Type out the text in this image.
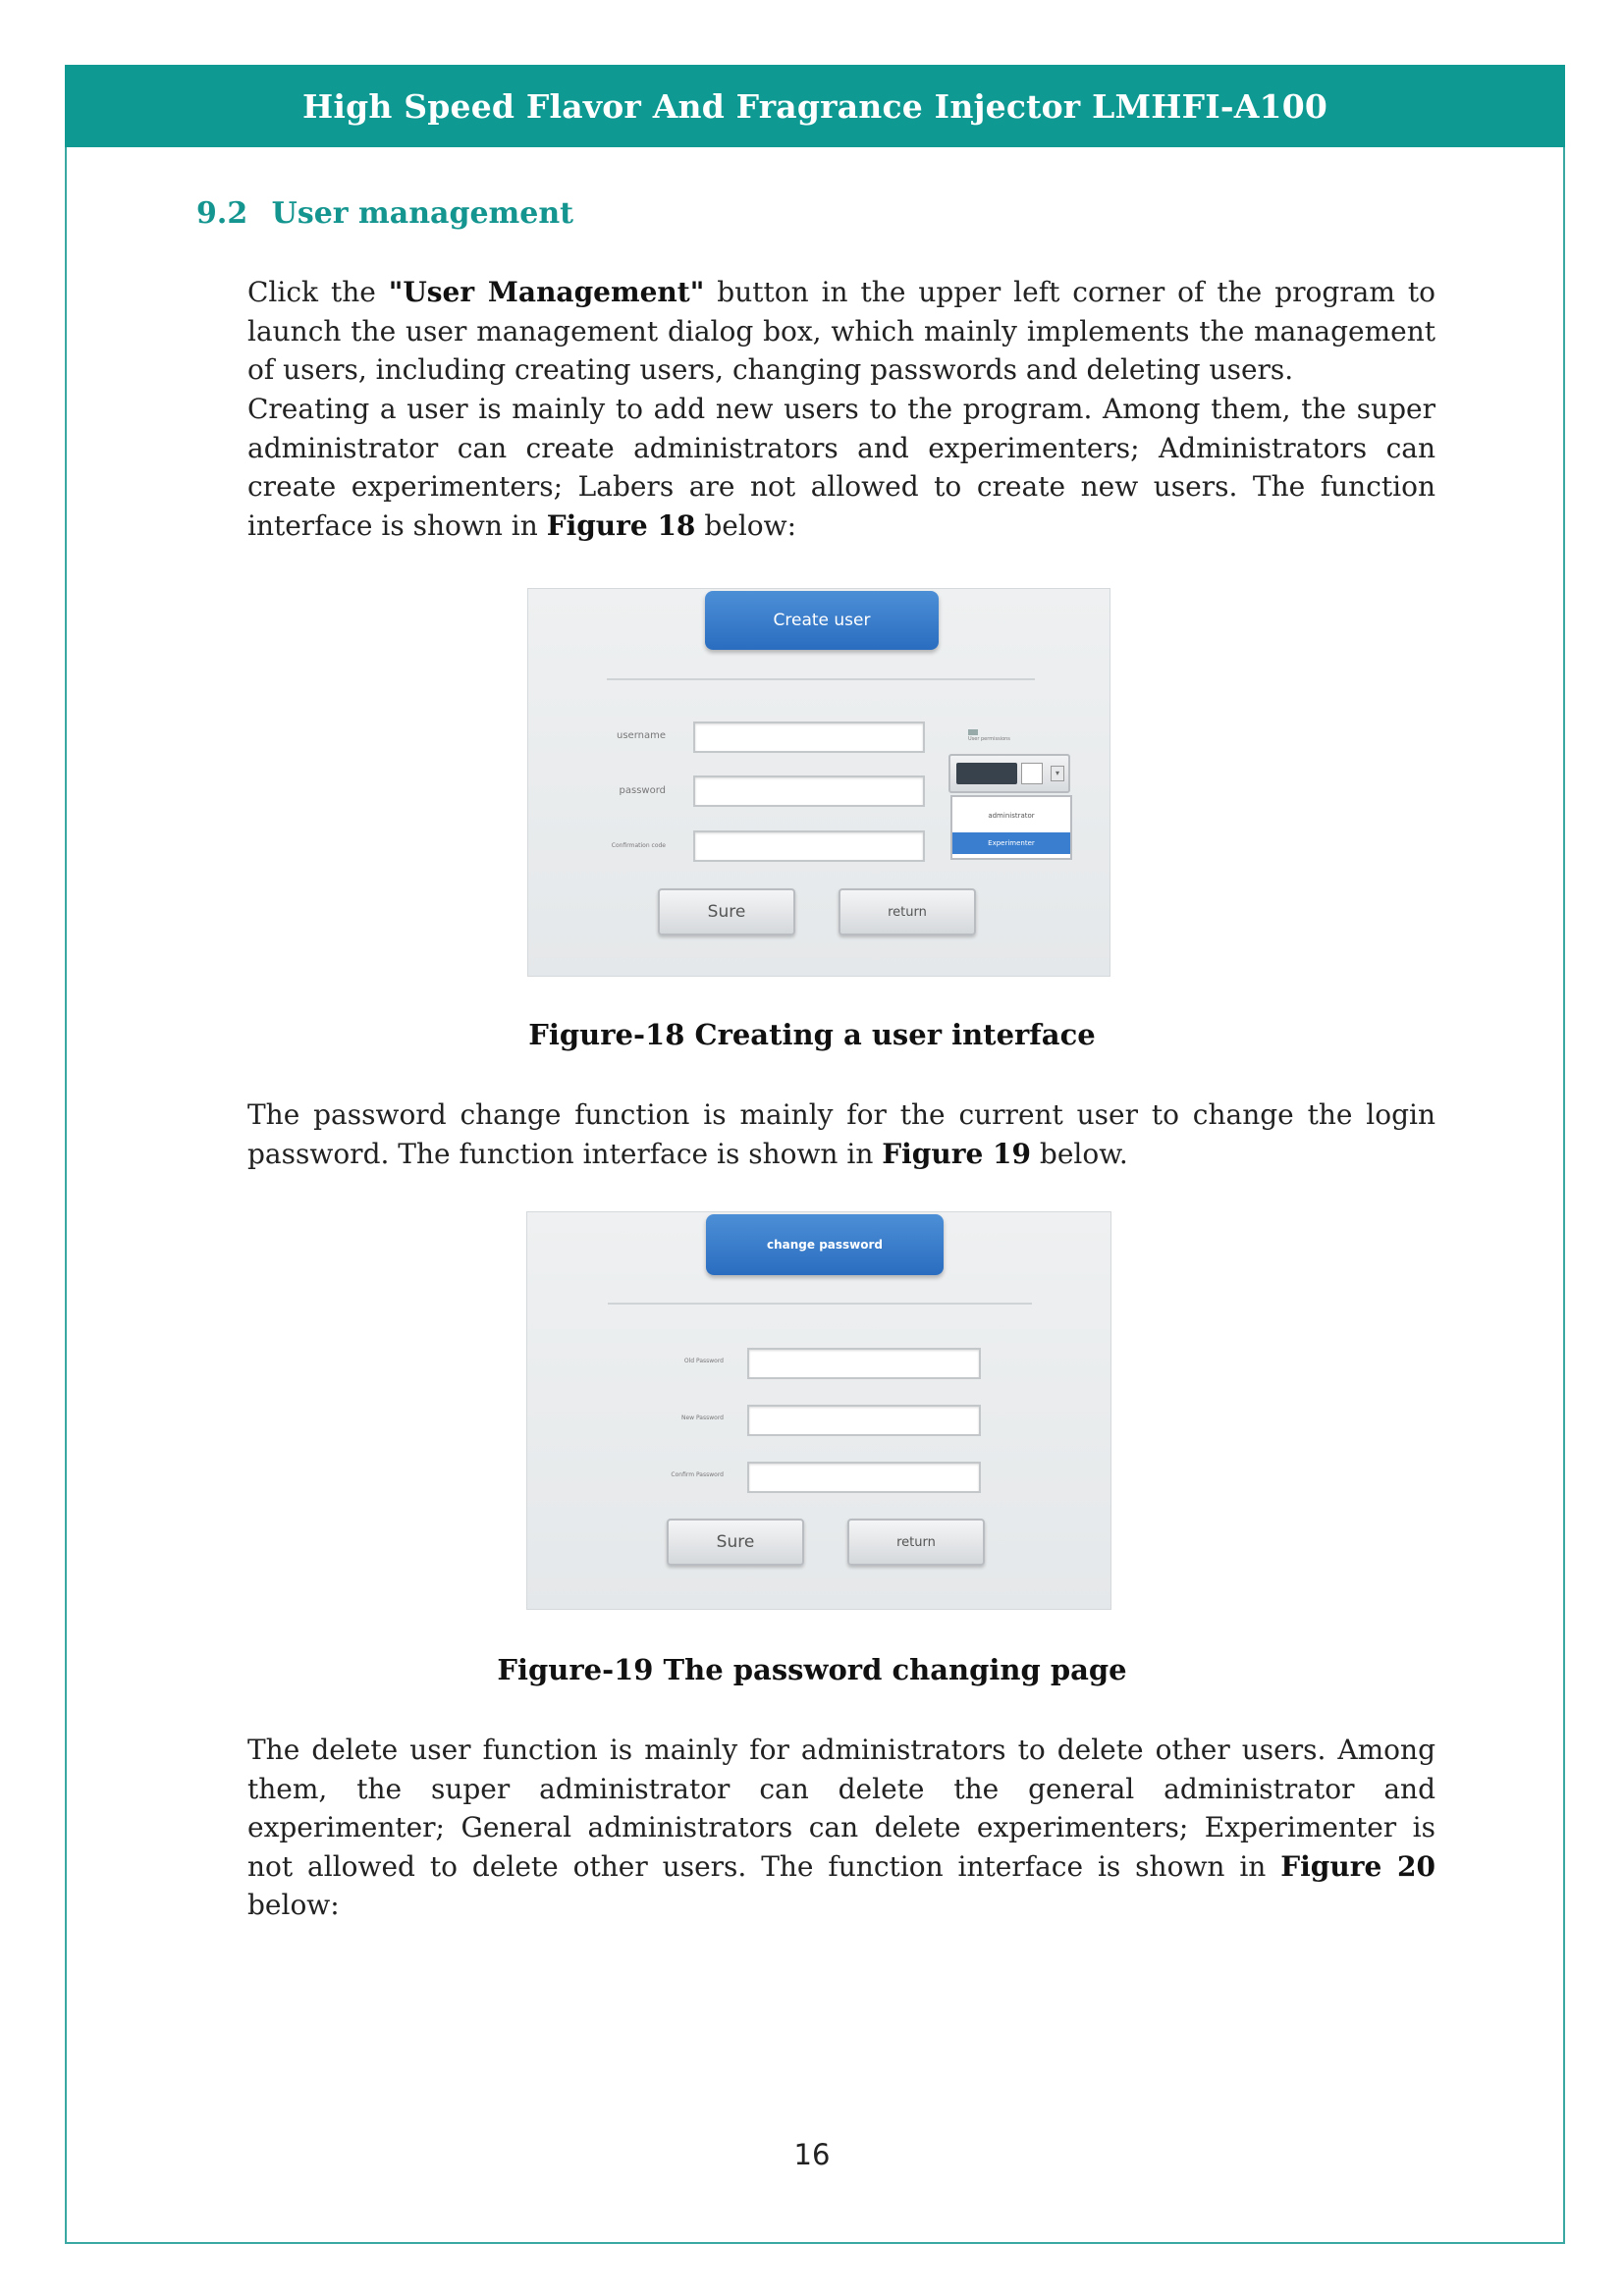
High Speed Flavor And Fragrance Injector LMHFI-A100
9.2 User management
Click the "User Management" button in the upper left corner of the program to launch the user management dialog box, which mainly implements the management of users, including creating users, changing passwords and deleting users.
Creating a user is mainly to add new users to the program. Among them, the super administrator can create administrators and experimenters; Administrators can create experimenters; Labers are not allowed to create new users. The function interface is shown in Figure 18 below:
Create user
username
password
Confirmation code
User permissions
▾
administrator
Experimenter
Sure	return
Figure-18 Creating a user interface
The password change function is mainly for the current user to change the login password. The function interface is shown in Figure 19 below.
change password
Old Password
New Password
Confirm Password
Sure	return
Figure-19 The password changing page
The delete user function is mainly for administrators to delete other users. Among them, the super administrator can delete the general administrator and experimenter; General administrators can delete experimenters; Experimenter is not allowed to delete other users. The function interface is shown in Figure 20 below:
16
